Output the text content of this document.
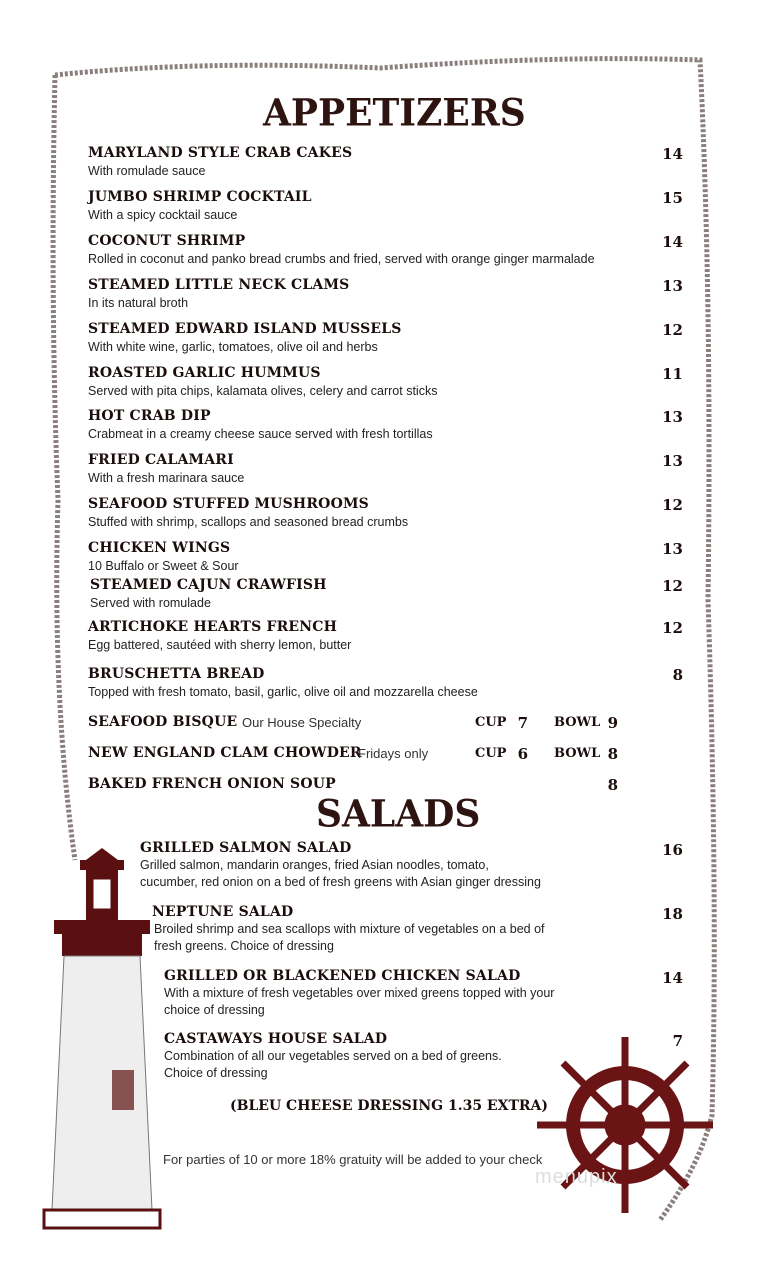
APPETIZERS
SALADS
MARYLAND STYLE CRAB CAKES
With romulade sauce
14
JUMBO SHRIMP COCKTAIL
With a spicy cocktail sauce
15
COCONUT SHRIMP
Rolled in coconut and panko bread crumbs and fried, served with orange ginger marmalade
14
STEAMED LITTLE NECK CLAMS
In its natural broth
13
STEAMED EDWARD ISLAND MUSSELS
With white wine, garlic, tomatoes, olive oil and herbs
12
ROASTED GARLIC HUMMUS
Served with pita chips, kalamata olives, celery and carrot sticks
11
HOT CRAB DIP
Crabmeat in a creamy cheese sauce served with fresh tortillas
13
FRIED CALAMARI
With a fresh marinara sauce
13
SEAFOOD STUFFED MUSHROOMS
Stuffed with shrimp, scallops and seasoned bread crumbs
12
CHICKEN WINGS
10 Buffalo or Sweet & Sour
13
STEAMED CAJUN CRAWFISH
Served with romulade
12
ARTICHOKE HEARTS FRENCH
Egg battered, sautéed with sherry lemon, butter
12
BRUSCHETTA BREAD
Topped with fresh tomato, basil, garlic, olive oil and mozzarella cheese
8
SEAFOOD BISQUE Our House Specialty	CUP 7 BOWL 9
NEW ENGLAND CLAM CHOWDER
Fridays only	CUP 6 BOWL 8
BAKED FRENCH ONION SOUP	8
GRILLED SALMON SALAD
Grilled salmon, mandarin oranges, fried Asian noodles, tomato,
cucumber, red onion on a bed of fresh greens with Asian ginger dressing
16
NEPTUNE SALAD
Broiled shrimp and sea scallops with mixture of vegetables on a bed of
fresh greens. Choice of dressing
18
GRILLED OR BLACKENED CHICKEN SALAD
With a mixture of fresh vegetables over mixed greens topped with your
choice of dressing
14
CASTAWAYS HOUSE SALAD
Combination of all our vegetables served on a bed of greens.
Choice of dressing
7
(BLEU CHEESE DRESSING 1.35 EXTRA)
For parties of 10 or more 18% gratuity will be added to your check
menupix
